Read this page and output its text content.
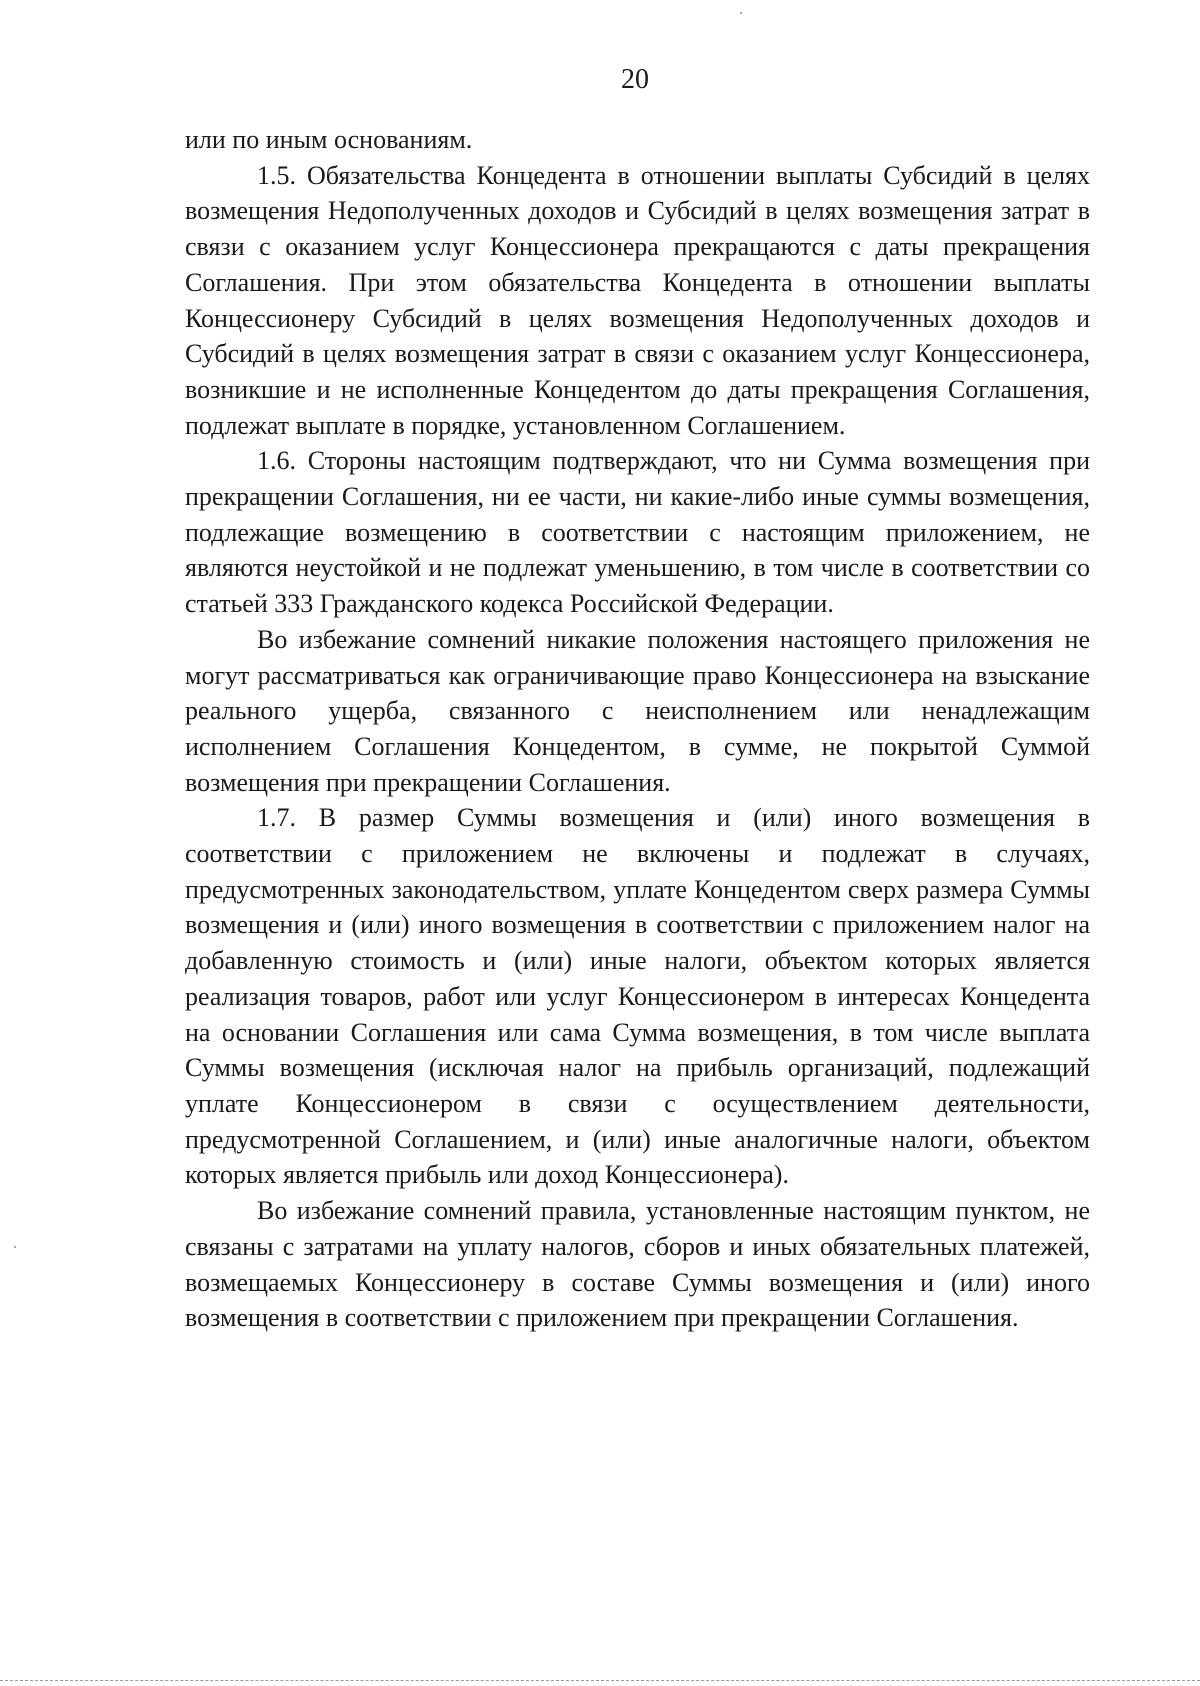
20

или по иным основаниям.

1.5. Обязательства Концедента в отношении выплаты Субсидий в целях возмещения Недополученных доходов и Субсидий в целях возмещения затрат в связи с оказанием услуг Концессионера прекращаются с даты прекращения Соглашения. При этом обязательства Концедента в отношении выплаты Концессионеру Субсидий в целях возмещения Недополученных доходов и Субсидий в целях возмещения затрат в связи с оказанием услуг Концессионера, возникшие и не исполненные Концедентом до даты прекращения Соглашения, подлежат выплате в порядке, установленном Соглашением.

1.6. Стороны настоящим подтверждают, что ни Сумма возмещения при прекращении Соглашения, ни ее части, ни какие-либо иные суммы возмещения, подлежащие возмещению в соответствии с настоящим приложением, не являются неустойкой и не подлежат уменьшению, в том числе в соответствии со статьей 333 Гражданского кодекса Российской Федерации.

Во избежание сомнений никакие положения настоящего приложения не могут рассматриваться как ограничивающие право Концессионера на взыскание реального ущерба, связанного с неисполнением или ненадлежащим исполнением Соглашения Концедентом, в сумме, не покрытой Суммой возмещения при прекращении Соглашения.

1.7. В размер Суммы возмещения и (или) иного возмещения в соответствии с приложением не включены и подлежат в случаях, предусмотренных законодательством, уплате Концедентом сверх размера Суммы возмещения и (или) иного возмещения в соответствии с приложением налог на добавленную стоимость и (или) иные налоги, объектом которых является реализация товаров, работ или услуг Концессионером в интересах Концедента на основании Соглашения или сама Сумма возмещения, в том числе выплата Суммы возмещения (исключая налог на прибыль организаций, подлежащий уплате Концессионером в связи с осуществлением деятельности, предусмотренной Соглашением, и (или) иные аналогичные налоги, объектом которых является прибыль или доход Концессионера).

Во избежание сомнений правила, установленные настоящим пунктом, не связаны с затратами на уплату налогов, сборов и иных обязательных платежей, возмещаемых Концессионеру в составе Суммы возмещения и (или) иного возмещения в соответствии с приложением при прекращении Соглашения.
